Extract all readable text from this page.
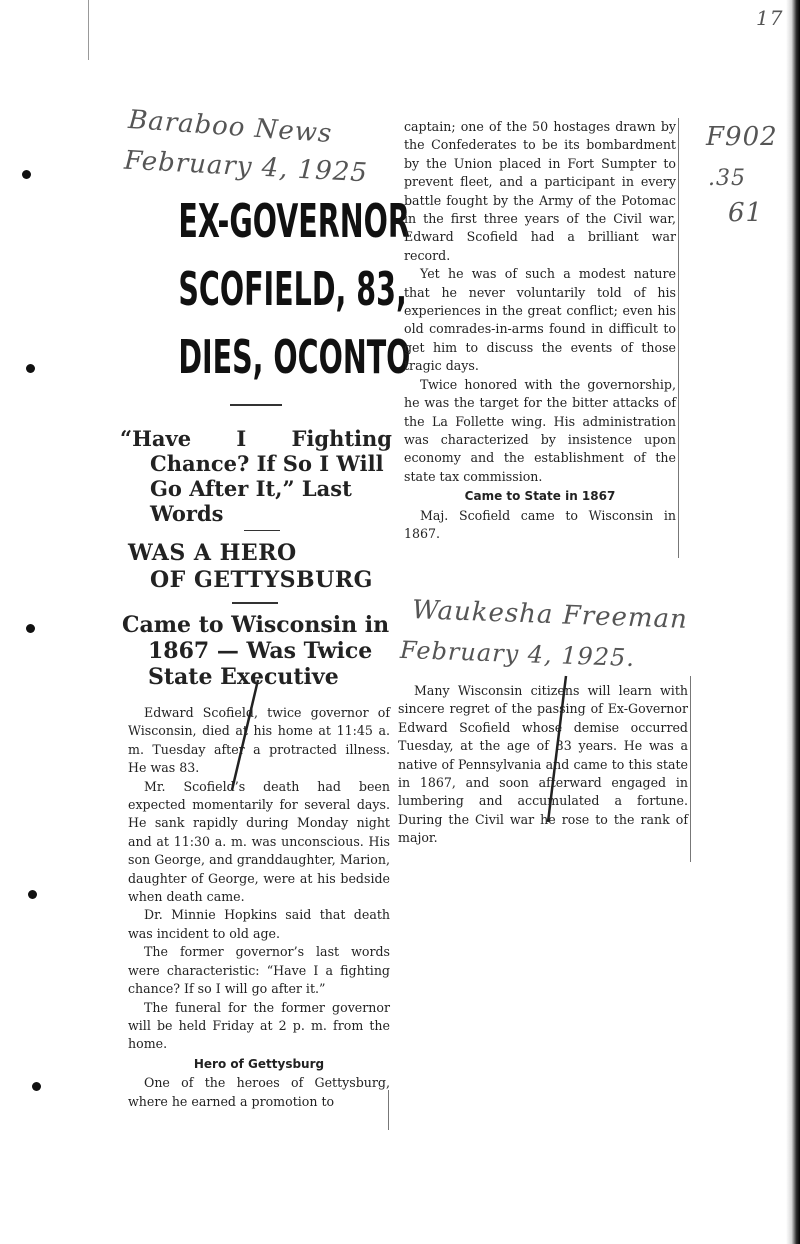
17
F902
.35
61
Baraboo News
February 4, 1925
EX-GOVERNOR
SCOFIELD, 83,
DIES, OCONTO
“Have I Fighting
Chance? If So I Will
Go After It,” Last
Words
WAS A HERO
OF GETTYSBURG
Came to Wisconsin in
1867 — Was Twice
State Executive

Edward Scofield, twice governor of Wisconsin, died at his home at 11:45 a. m. Tuesday after a protracted illness. He was 83.

Mr. Scofield’s death had been expected momentarily for several days. He sank rapidly during Monday night and at 11:30 a. m. was unconscious. His son George, and granddaughter, Marion, daughter of George, were at his bedside when death came.

Dr. Minnie Hopkins said that death was incident to old age.

The former governor’s last words were characteristic: “Have I a fighting chance? If so I will go after it.”

The funeral for the former governor will be held Friday at 2 p. m. from the home.

Hero of Gettysburg

One of the heroes of Gettysburg, where he earned a promotion to

captain; one of the 50 hostages drawn by the Confederates to be its bombardment by the Union placed in Fort Sumpter to prevent fleet, and a participant in every battle fought by the Army of the Potomac in the first three years of the Civil war, Edward Scofield had a brilliant war record.

Yet he was of such a modest nature that he never voluntarily told of his experiences in the great conflict; even his old comrades-in-arms found in difficult to get him to discuss the events of those tragic days.

Twice honored with the governorship, he was the target for the bitter attacks of the La Follette wing. His administration was characterized by insistence upon economy and the establishment of the state tax commission.

Came to State in 1867

Maj. Scofield came to Wisconsin in 1867.

Waukesha Freeman
February 4, 1925.

Many Wisconsin citizens will learn with sincere regret of the passing of Ex-Governor Edward Scofield whose demise occurred Tuesday, at the age of 83 years. He was a native of Pennsylvania and came to this state in 1867, and soon afterward engaged in lumbering and accumulated a fortune. During the Civil war he rose to the rank of major.
